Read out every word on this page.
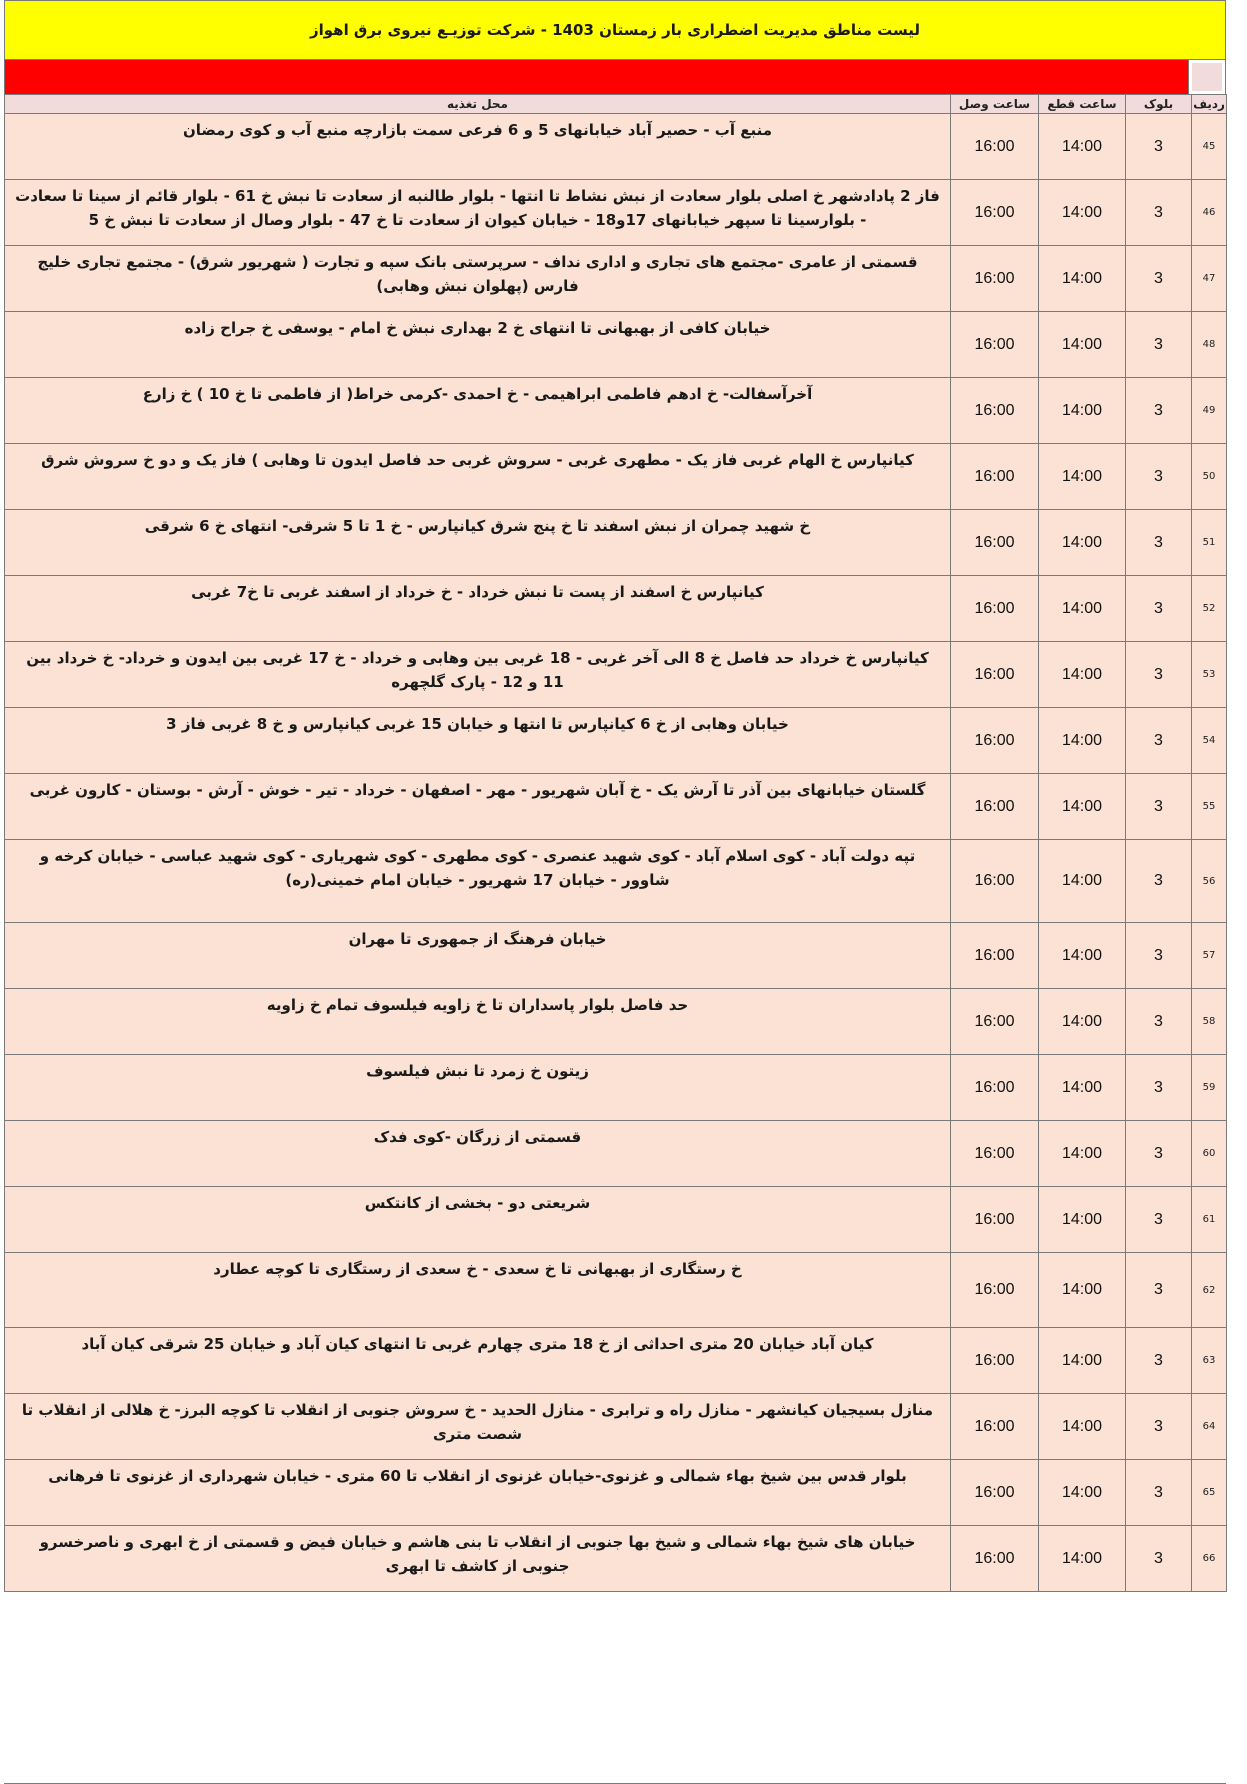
لیست مناطق مدیریت اضطراری بار زمستان 1403 - شرکت توزیـع نیروی برق اهواز
ردیف	بلوک	ساعت قطع	ساعت وصل	محل تغذیه
45	3	14:00	16:00	منبع آب - حصیر آباد خیابانهای 5 و 6 فرعی سمت بازارچه منبع آب و کوی رمضان
46	3	14:00	16:00	فاز 2 پادادشهر خ اصلی بلوار سعادت از نبش نشاط تا انتها - بلوار طالنبه از سعادت تا نبش خ 61 - بلوار قائم از سینا تا سعادت - بلوارسینا تا سپهر خیابانهای 17و18 - خیابان کیوان از سعادت تا خ 47 - بلوار وصال از سعادت تا نبش خ 5
47	3	14:00	16:00	قسمتی از عامری -مجتمع های تجاری و اداری نداف - سرپرستی بانک سپه و تجارت ( شهریور شرق) - مجتمع تجاری خلیج فارس (پهلوان نبش وهابی)
48	3	14:00	16:00	خیابان کافی از بهبهانی تا انتهای خ 2 بهداری نبش خ امام - یوسفی خ جراح زاده
49	3	14:00	16:00	آخرآسفالت- خ ادهم فاطمی ابراهیمی - خ احمدی -کرمی خراط( از فاطمی تا خ 10 ) خ زارع
50	3	14:00	16:00	کیانپارس خ الهام غربی فاز یک - مطهری غربی - سروش غربی حد فاصل ایدون تا وهابی ) فاز یک و دو خ سروش شرق
51	3	14:00	16:00	خ شهید چمران از نبش اسفند تا خ پنج شرق کیانپارس - خ 1 تا 5 شرقی- انتهای خ 6 شرقی
52	3	14:00	16:00	کیانپارس خ اسفند از پست تا نبش خرداد - خ خرداد از اسفند غربی تا خ7 غربی
53	3	14:00	16:00	کیانپارس خ خرداد حد فاصل خ 8 الی آخر غربی - 18 غربی بین وهابی و خرداد - خ 17 غربی بین ایدون و خرداد- خ خرداد بین 11 و 12 - پارک گلچهره
54	3	14:00	16:00	خیابان وهابی از خ 6 کیانپارس تا انتها و خیابان 15 غربی کیانپارس و خ 8 غربی فاز 3
55	3	14:00	16:00	گلستان خیابانهای بین آذر تا آرش یک - خ آبان شهریور - مهر - اصفهان - خرداد - تیر - خوش - آرش - بوستان - کارون غربی
56	3	14:00	16:00	تپه دولت آباد - کوی اسلام آباد - کوی شهید عنصری - کوی مطهری - کوی شهریاری - کوی شهید عباسی - خیابان کرخه و شاوور - خیابان 17 شهریور - خیابان امام خمینی(ره)
57	3	14:00	16:00	خیابان فرهنگ از جمهوری تا مهران
58	3	14:00	16:00	حد فاصل بلوار پاسداران تا خ زاویه فیلسوف تمام خ زاویه
59	3	14:00	16:00	زیتون خ زمرد تا نبش فیلسوف
60	3	14:00	16:00	قسمتی از زرگان -کوی فدک
61	3	14:00	16:00	شریعتی دو - بخشی از کانتکس
62	3	14:00	16:00	خ رستگاری از بهبهانی تا خ سعدی - خ سعدی از رستگاری تا کوچه عطارد
63	3	14:00	16:00	کیان آباد خیابان 20 متری احداثی از خ 18 متری چهارم غربی تا انتهای کیان آباد و خیابان 25 شرقی کیان آباد
64	3	14:00	16:00	منازل بسیجیان کیانشهر - منازل راه و ترابری - منازل الحدید - خ سروش جنوبی از انقلاب تا کوچه البرز- خ هلالی از انقلاب تا شصت متری
65	3	14:00	16:00	بلوار قدس بین شیخ بهاء شمالی و غزنوی-خیابان غزنوی از انقلاب تا 60 متری - خیابان شهرداری از غزنوی تا فرهانی
66	3	14:00	16:00	خیابان های شیخ بهاء شمالی و شیخ بها جنوبی از انقلاب تا بنی هاشم و خیابان فیض و قسمتی از خ ابهری و ناصرخسرو جنوبی از کاشف تا ابهری
